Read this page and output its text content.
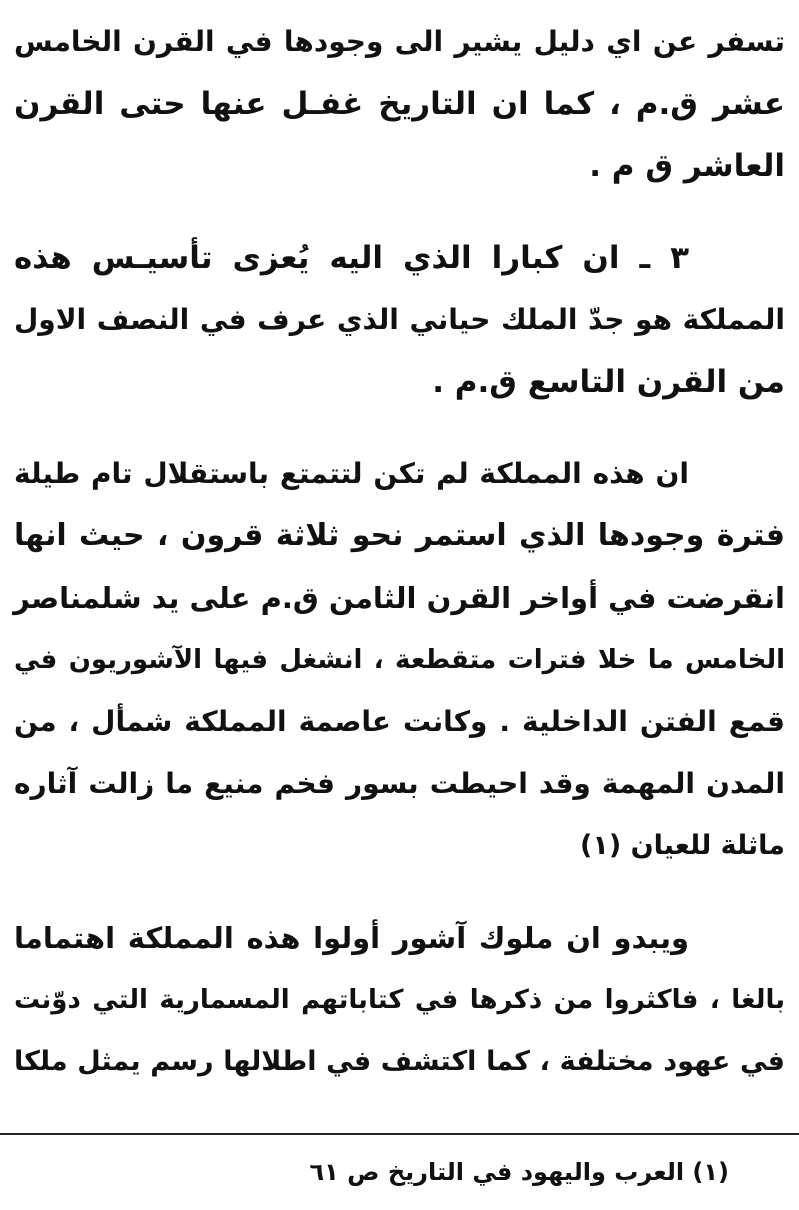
تسفر عن اي دليل يشير الى وجودها في القرن الخامس
عشر ق.م ، كما ان التاريخ غفـل عنها حتى القرن
العاشر ق م .
٣ ـ ان كبارا الذي اليه يُعزى تأسيـس هذه
المملكة هو جدّ الملك حياني الذي عرف في النصف الاول
من القرن التاسع ق.م .
ان هذه المملكة لم تكن لتتمتع باستقلال تام طيلة
فترة وجودها الذي استمر نحو ثلاثة قرون ، حيث انها
انقرضت في أواخر القرن الثامن ق.م على يد شلمناصر
الخامس ما خلا فترات متقطعة ، انشغل فيها الآشوريون في
قمع الفتن الداخلية . وكانت عاصمة المملكة شمأل ، من
المدن المهمة وقد احيطت بسور فخم منيع ما زالت آثاره
ماثلة للعيان (١)
ويبدو ان ملوك آشور أولوا هذه المملكة اهتماما
بالغا ، فاكثروا من ذكرها في كتاباتهم المسمارية التي دوّنت
في عهود مختلفة ، كما اكتشف في اطلالها رسم يمثل ملكا
(١) العرب واليهود في التاريخ ص ٦١
